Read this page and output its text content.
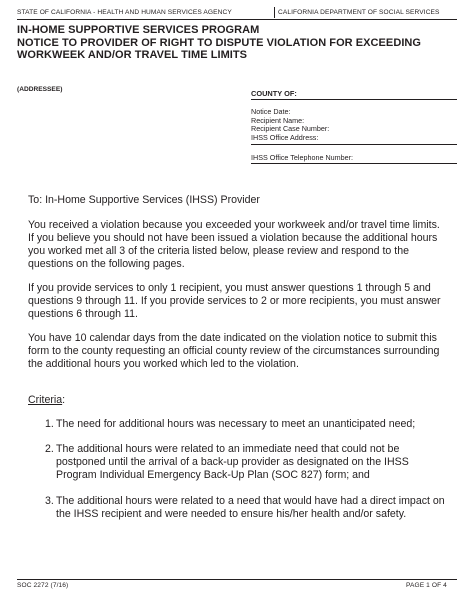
STATE OF CALIFORNIA - HEALTH AND HUMAN SERVICES AGENCY	CALIFORNIA DEPARTMENT OF SOCIAL SERVICES
IN-HOME SUPPORTIVE SERVICES PROGRAM
NOTICE TO PROVIDER OF RIGHT TO DISPUTE VIOLATION FOR EXCEEDING
WORKWEEK AND/OR TRAVEL TIME LIMITS
(ADDRESSEE)	COUNTY OF:
Notice Date:
Recipient Name:
Recipient Case Number:
IHSS Office Address:
IHSS Office Telephone Number:
To: In-Home Supportive Services (IHSS) Provider
You received a violation because you exceeded your workweek and/or travel time limits. If you believe you should not have been issued a violation because the additional hours you worked met all 3 of the criteria listed below, please review and respond to the questions on the following pages.
If you provide services to only 1 recipient, you must answer questions 1 through 5 and questions 9 through 11. If you provide services to 2 or more recipients, you must answer questions 6 through 11.
You have 10 calendar days from the date indicated on the violation notice to submit this form to the county requesting an official county review of the circumstances surrounding the additional hours you worked which led to the violation.
Criteria:
1. The need for additional hours was necessary to meet an unanticipated need;
2. The additional hours were related to an immediate need that could not be postponed until the arrival of a back-up provider as designated on the IHSS Program Individual Emergency Back-Up Plan (SOC 827) form; and
3. The additional hours were related to a need that would have had a direct impact on the IHSS recipient and were needed to ensure his/her health and/or safety.
SOC 2272 (7/16)	PAGE 1 OF 4
